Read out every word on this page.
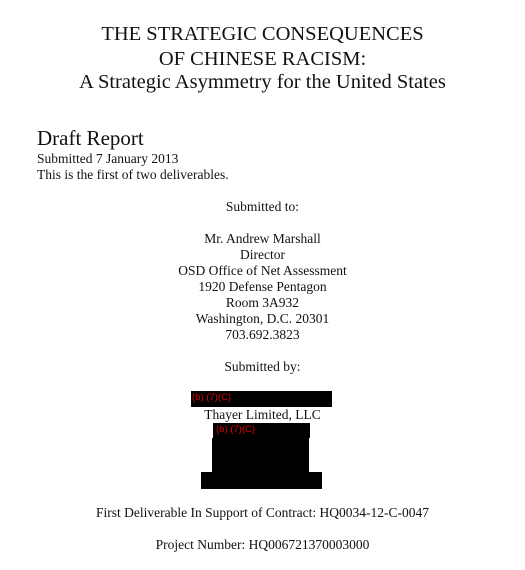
THE STRATEGIC CONSEQUENCES
OF CHINESE RACISM:
A Strategic Asymmetry for the United States
Draft Report
Submitted 7 January 2013
This is the first of two deliverables.
Submitted to:
Mr. Andrew Marshall
Director
OSD Office of Net Assessment
1920 Defense Pentagon
Room 3A932
Washington, D.C. 20301
703.692.3823
Submitted by:
(b) (7)(C)
Thayer Limited, LLC
(b) (7)(C)
First Deliverable In Support of Contract: HQ0034-12-C-0047
Project Number: HQ006721370003000
